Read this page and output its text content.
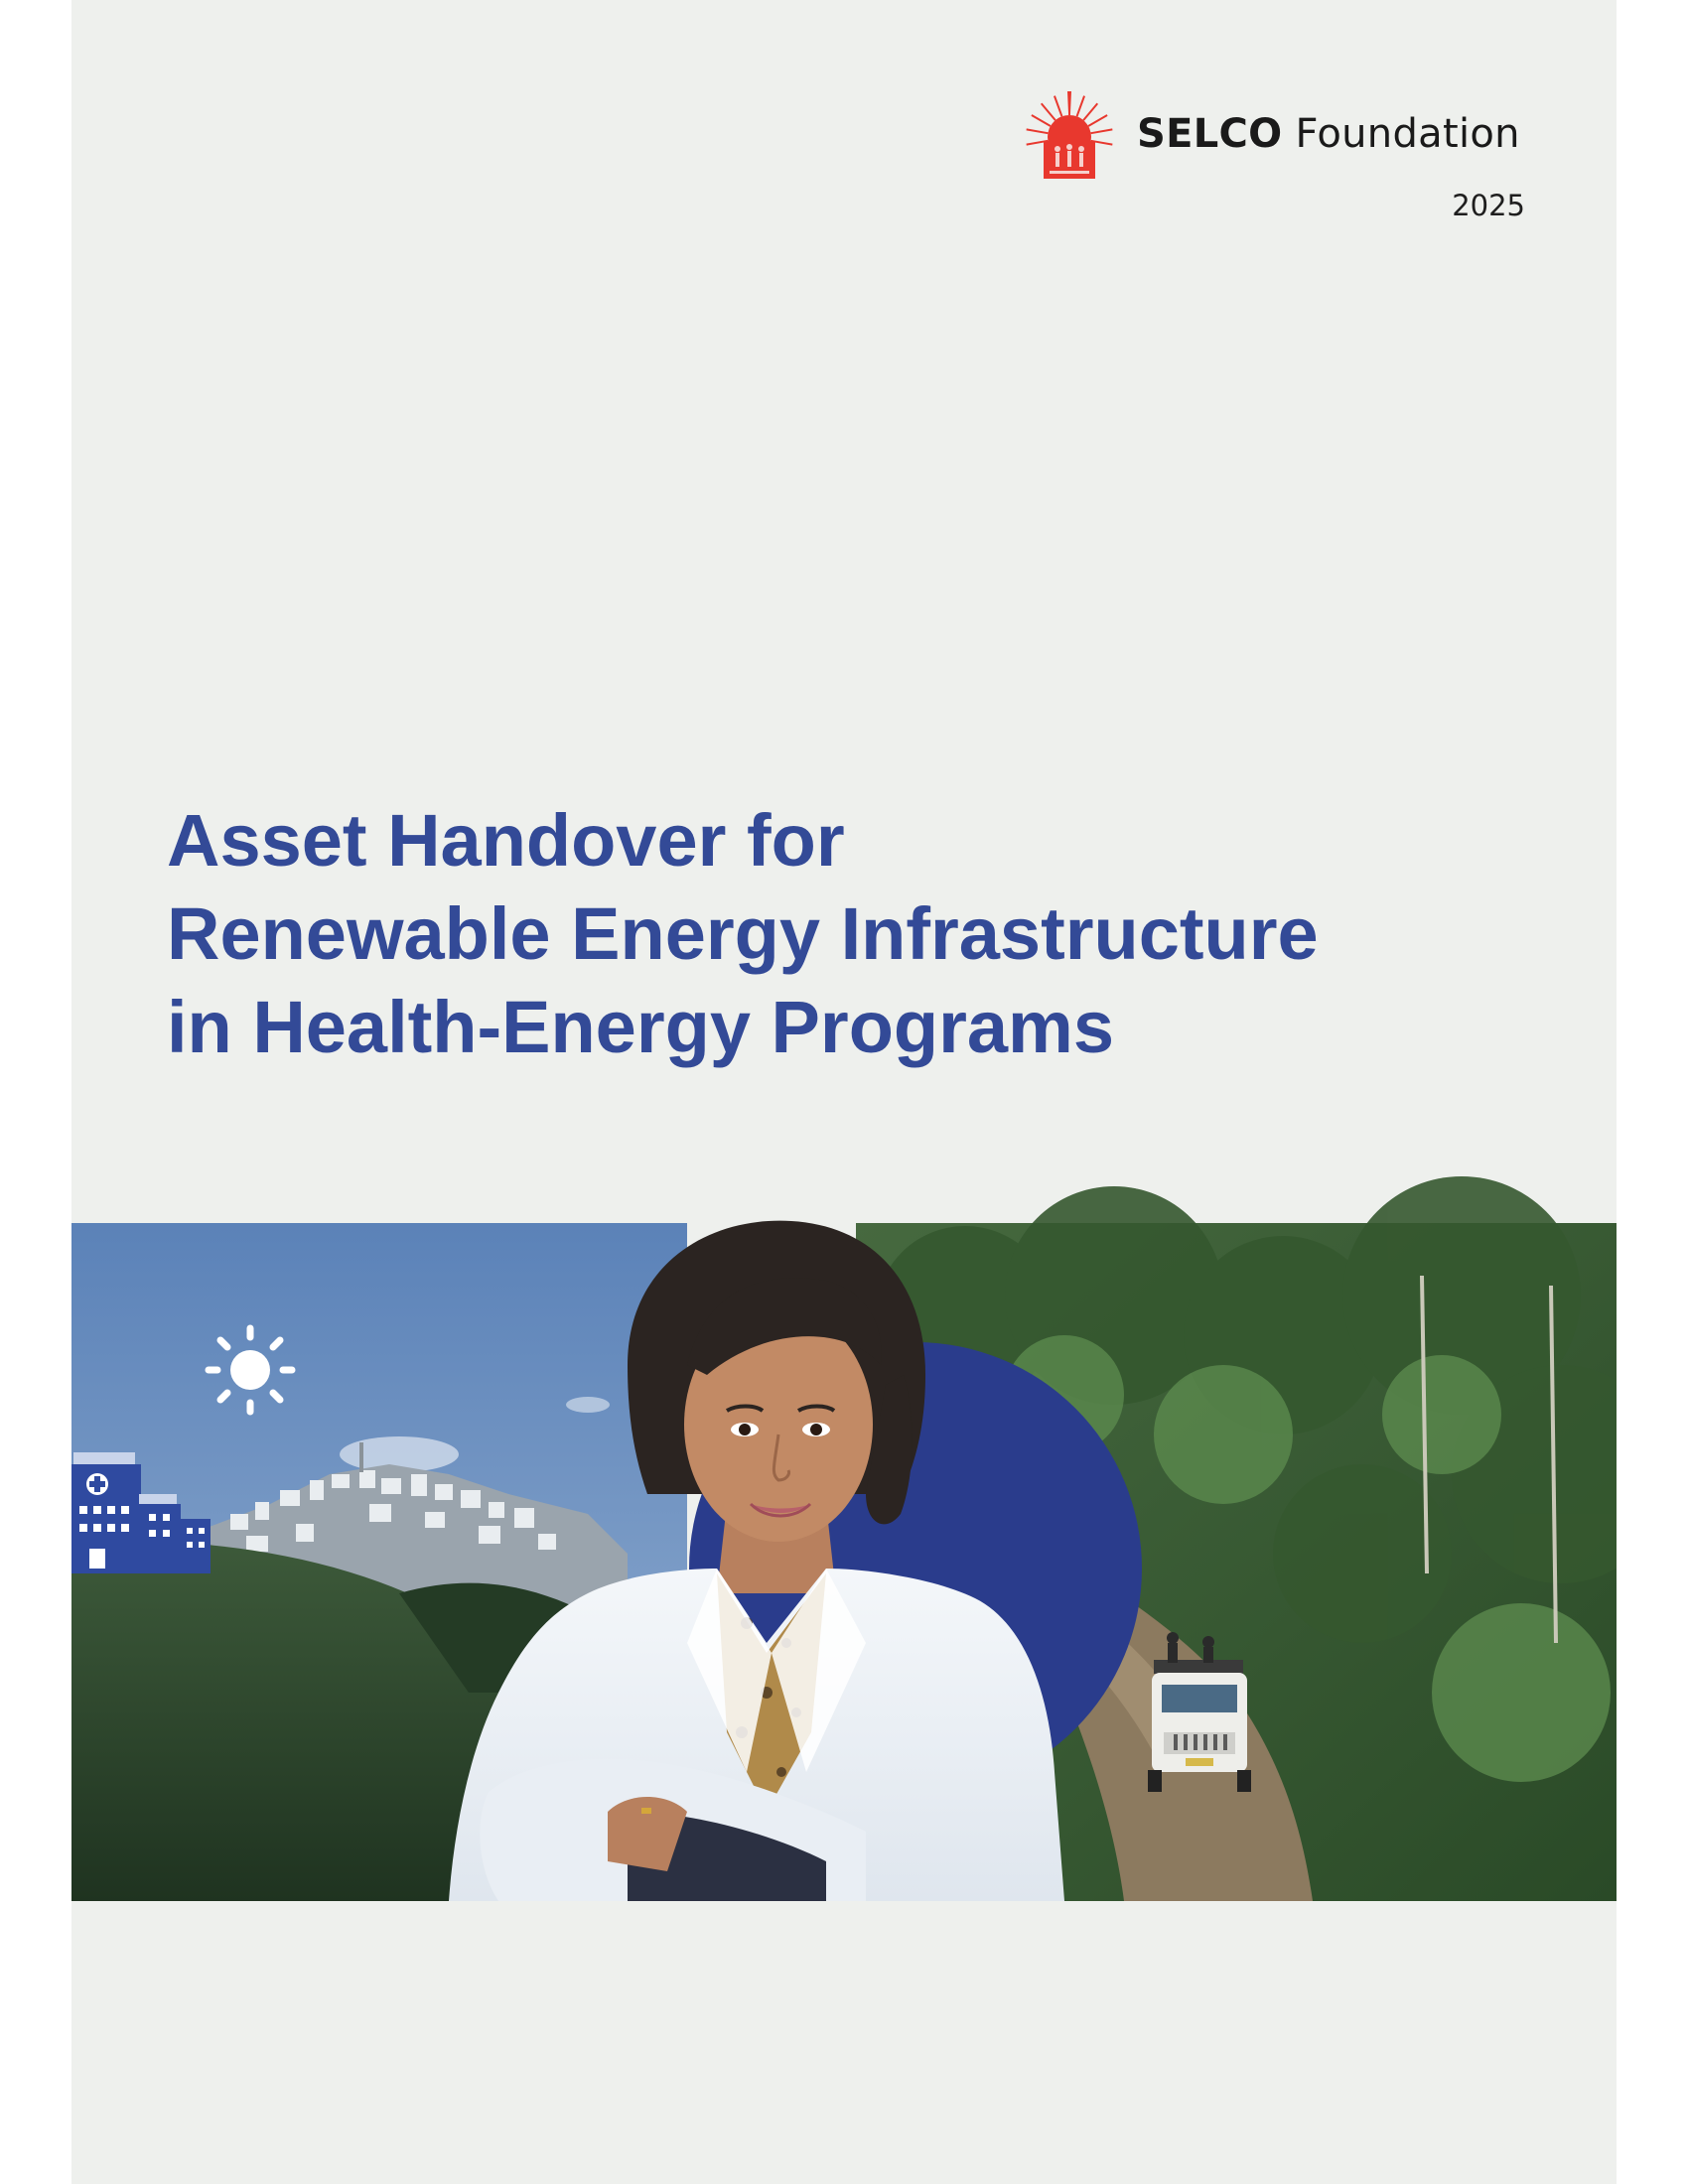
SELCO Foundation
2025
Asset Handover for
Renewable Energy Infrastructure
in Health-Energy Programs
